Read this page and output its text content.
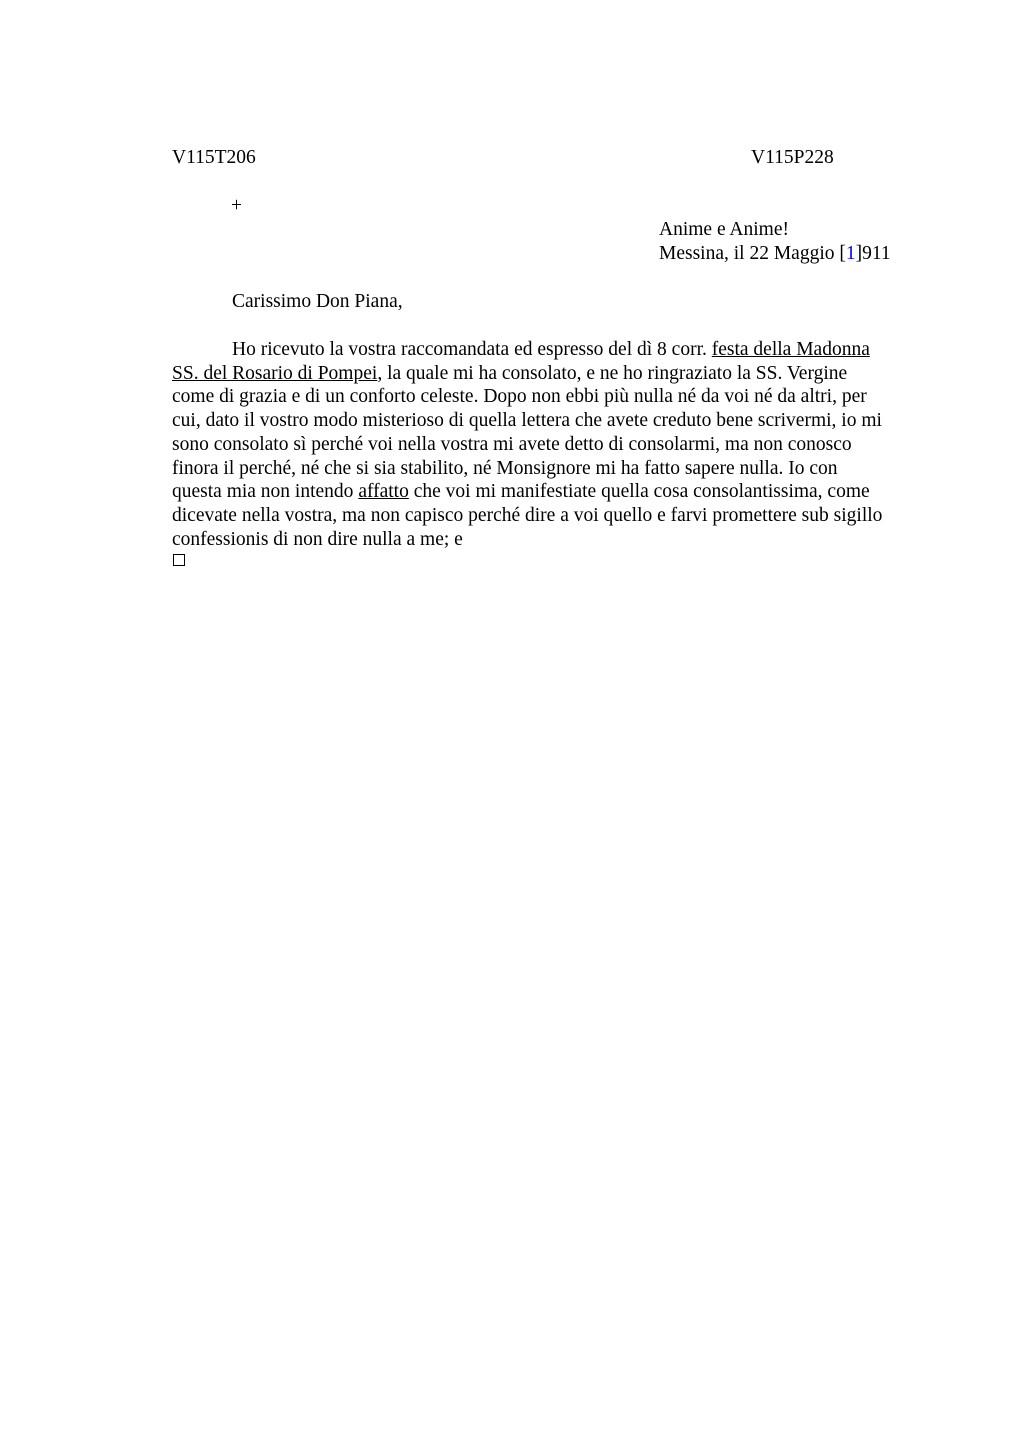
V115T206	V115P228
+
Anime e Anime!
Messina, il 22 Maggio [1]911
Carissimo Don Piana,
Ho ricevuto la vostra raccomandata ed espresso del dì 8 corr. festa della Madonna
SS. del Rosario di Pompei, la quale mi ha consolato, e ne ho ringraziato la SS. Vergine
come di grazia e di un conforto celeste. Dopo non ebbi più nulla né da voi né da altri, per
cui, dato il vostro modo misterioso di quella lettera che avete creduto bene scrivermi, io mi
sono consolato sì perché voi nella vostra mi avete detto di consolarmi, ma non conosco
finora il perché, né che si sia stabilito, né Monsignore mi ha fatto sapere nulla. Io con
questa mia non intendo affatto che voi mi manifestiate quella cosa consolantissima, come
dicevate nella vostra, ma non capisco perché dire a voi quello e farvi promettere sub sigillo
confessionis di non dire nulla a me; e
